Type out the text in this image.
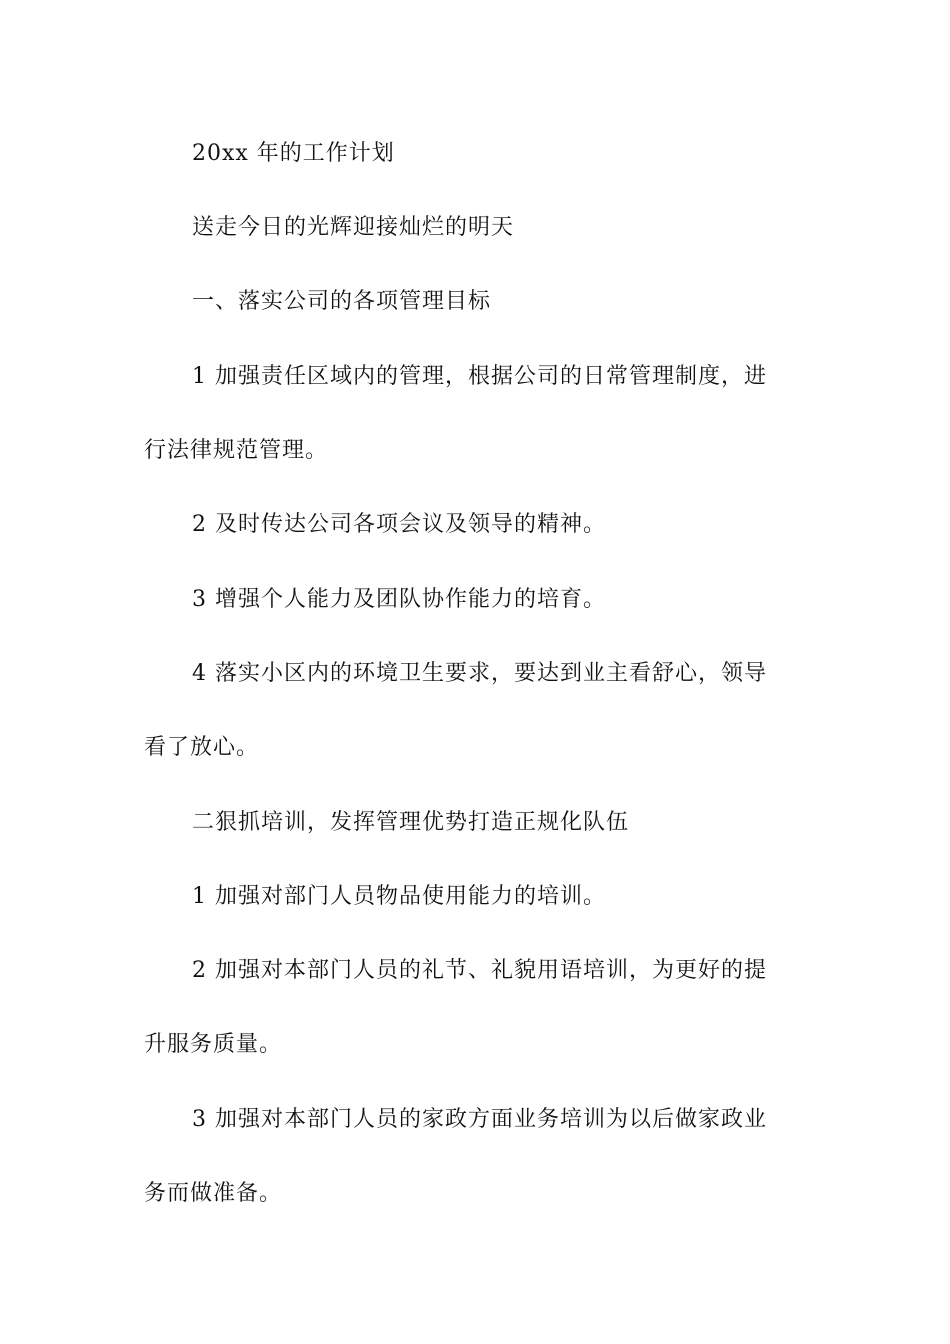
20xx 年的工作计划
送走今日的光辉迎接灿烂的明天
一、落实公司的各项管理目标
1 加强责任区域内的管理，根据公司的日常管理制度，进
行法律规范管理。
2 及时传达公司各项会议及领导的精神。
3 增强个人能力及团队协作能力的培育。
4 落实小区内的环境卫生要求，要达到业主看舒心，领导
看了放心。
二狠抓培训，发挥管理优势打造正规化队伍
1 加强对部门人员物品使用能力的培训。
2 加强对本部门人员的礼节、礼貌用语培训，为更好的提
升服务质量。
3 加强对本部门人员的家政方面业务培训为以后做家政业
务而做准备。
